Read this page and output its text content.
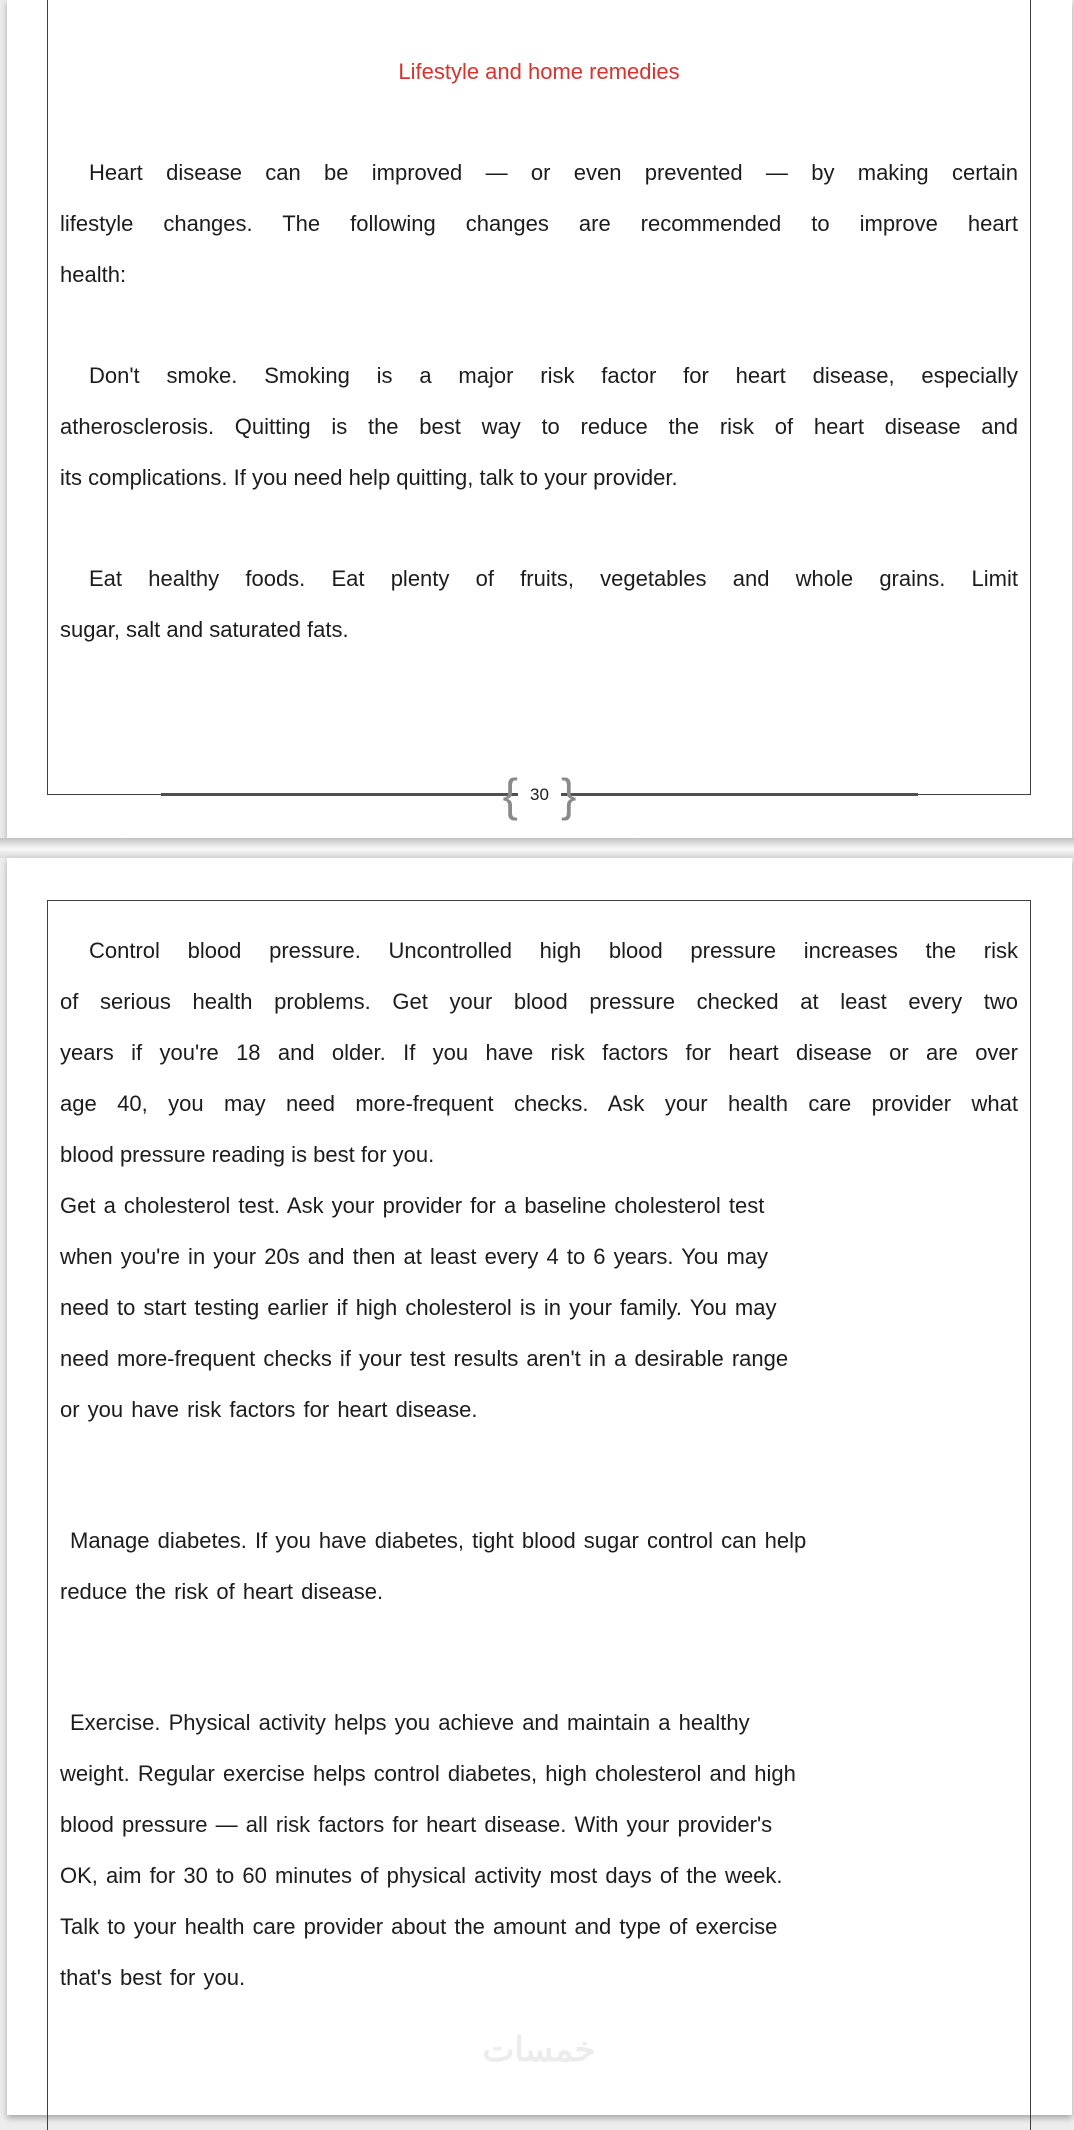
Lifestyle and home remedies
Heart disease can be improved — or even prevented — by making certain
lifestyle changes. The following changes are recommended to improve heart
health:
Don't smoke. Smoking is a major risk factor for heart disease, especially
atherosclerosis. Quitting is the best way to reduce the risk of heart disease and
its complications. If you need help quitting, talk to your provider.
Eat healthy foods. Eat plenty of fruits, vegetables and whole grains. Limit
sugar, salt and saturated fats.
{ 30 }
Control blood pressure. Uncontrolled high blood pressure increases the risk
of serious health problems. Get your blood pressure checked at least every two
years if you're 18 and older. If you have risk factors for heart disease or are over
age 40, you may need more-frequent checks. Ask your health care provider what
blood pressure reading is best for you.
Get a cholesterol test. Ask your provider for a baseline cholesterol test
when you're in your 20s and then at least every 4 to 6 years. You may
need to start testing earlier if high cholesterol is in your family. You may
need more-frequent checks if your test results aren't in a desirable range
or you have risk factors for heart disease.
Manage diabetes. If you have diabetes, tight blood sugar control can help
reduce the risk of heart disease.
Exercise. Physical activity helps you achieve and maintain a healthy
weight. Regular exercise helps control diabetes, high cholesterol and high
blood pressure — all risk factors for heart disease. With your provider's
OK, aim for 30 to 60 minutes of physical activity most days of the week.
Talk to your health care provider about the amount and type of exercise
that's best for you.
خمسات
